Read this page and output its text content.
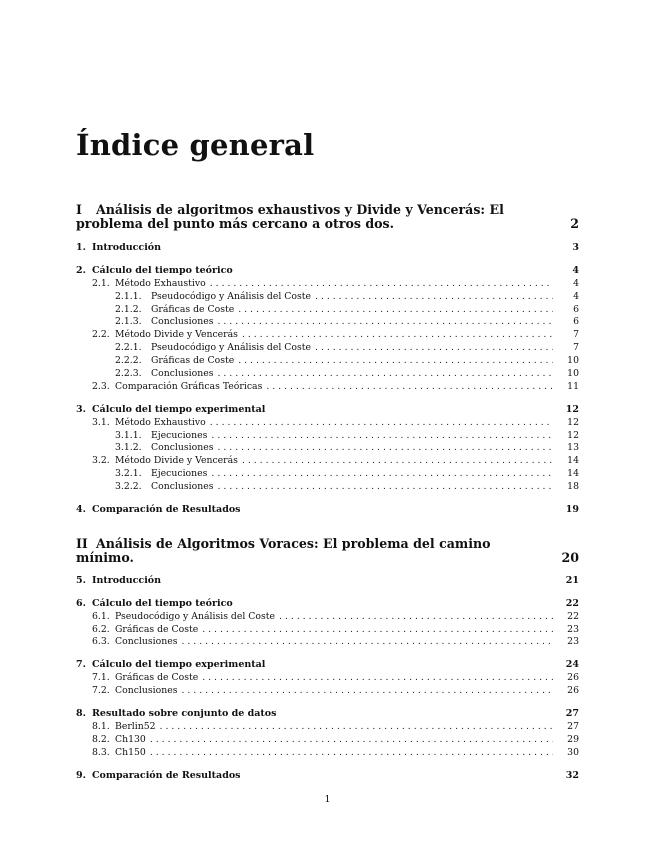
Índice general
I Análisis de algoritmos exhaustivos y Divide y Vencerás: El problema del punto más cercano a otros dos.	2
1. Introducción	3
2. Cálculo del tiempo teórico	4
2.1. Método Exhaustivo . . .	4
2.1.1.	Pseudocódigo y Análisis del Coste . . .	4
2.1.2.	Gráficas de Coste . . .	6
2.1.3.	Conclusiones . . .	6
2.2. Método Divide y Vencerás . . .	7
2.2.1.	Pseudocódigo y Análisis del Coste . . .	7
2.2.2.	Gráficas de Coste . . .	10
2.2.3.	Conclusiones . . .	10
2.3. Comparación Gráficas Teóricas . . .	11
3. Cálculo del tiempo experimental	12
3.1. Método Exhaustivo . . .	12
3.1.1.	Ejecuciones . . .	12
3.1.2.	Conclusiones . . .	13
3.2. Método Divide y Vencerás . . .	14
3.2.1.	Ejecuciones . . .	14
3.2.2.	Conclusiones . . .	18
4. Comparación de Resultados	19
II Análisis de Algoritmos Voraces: El problema del camino mínimo.	20
5. Introducción	21
6. Cálculo del tiempo teórico	22
6.1. Pseudocódigo y Análisis del Coste . . .	22
6.2. Gráficas de Coste . . .	23
6.3. Conclusiones . . .	23
7. Cálculo del tiempo experimental	24
7.1. Gráficas de Coste . . .	26
7.2. Conclusiones . . .	26
8. Resultado sobre conjunto de datos	27
8.1. Berlin52 . . .	27
8.2. Ch130 . . .	29
8.3. Ch150 . . .	30
9. Comparación de Resultados	32
1
